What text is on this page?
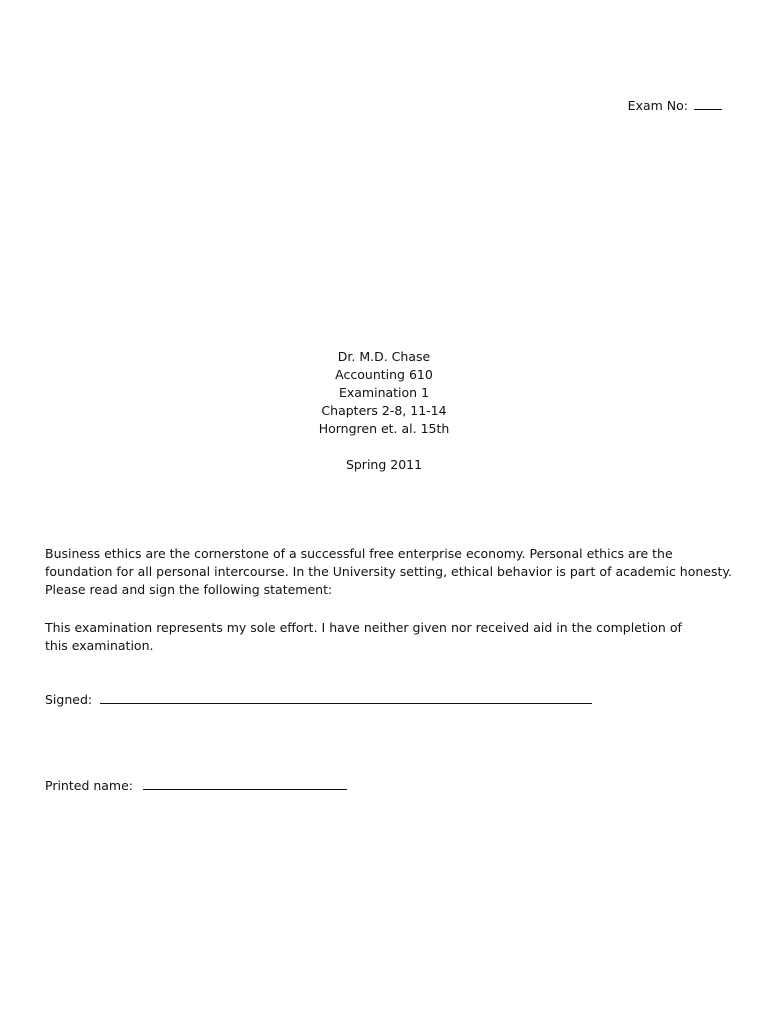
Exam No:
Dr. M.D. Chase
Accounting 610
Examination 1
Chapters 2-8, 11-14
Horngren et. al. 15th
Spring 2011
Business ethics are the cornerstone of a successful free enterprise economy. Personal ethics are the foundation for all personal intercourse. In the University setting, ethical behavior is part of academic honesty. Please read and sign the following statement:
This examination represents my sole effort. I have neither given nor received aid in the completion of this examination.
Signed:
Printed name:
